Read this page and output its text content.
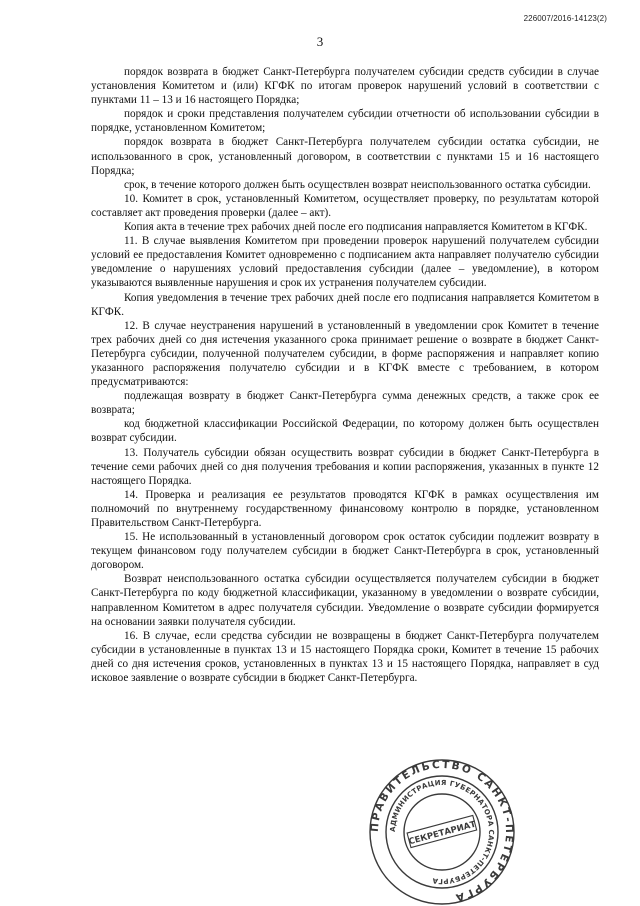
226007/2016-14123(2)
3

порядок возврата в бюджет Санкт-Петербурга получателем субсидии средств субсидии в случае установления Комитетом и (или) КГФК по итогам проверок нарушений условий в соответствии с пунктами 11 – 13 и 16 настоящего Порядка;

порядок и сроки представления получателем субсидии отчетности об использовании субсидии в порядке, установленном Комитетом;

порядок возврата в бюджет Санкт-Петербурга получателем субсидии остатка субсидии, не использованного в срок, установленный договором, в соответствии с пунктами 15 и 16 настоящего Порядка;

срок, в течение которого должен быть осуществлен возврат неиспользованного остатка субсидии.

10. Комитет в срок, установленный Комитетом, осуществляет проверку, по результатам которой составляет акт проведения проверки (далее – акт).

Копия акта в течение трех рабочих дней после его подписания направляется Комитетом в КГФК.

11. В случае выявления Комитетом при проведении проверок нарушений получателем субсидии условий ее предоставления Комитет одновременно с подписанием акта направляет получателю субсидии уведомление о нарушениях условий предоставления субсидии (далее – уведомление), в котором указываются выявленные нарушения и срок их устранения получателем субсидии.

Копия уведомления в течение трех рабочих дней после его подписания направляется Комитетом в КГФК.

12. В случае неустранения нарушений в установленный в уведомлении срок Комитет в течение трех рабочих дней со дня истечения указанного срока принимает решение о возврате в бюджет Санкт-Петербурга субсидии, полученной получателем субсидии, в форме распоряжения и направляет копию указанного распоряжения получателю субсидии и в КГФК вместе с требованием, в котором предусматриваются:

подлежащая возврату в бюджет Санкт-Петербурга сумма денежных средств, а также срок ее возврата;

код бюджетной классификации Российской Федерации, по которому должен быть осуществлен возврат субсидии.

13. Получатель субсидии обязан осуществить возврат субсидии в бюджет Санкт-Петербурга в течение семи рабочих дней со дня получения требования и копии распоряжения, указанных в пункте 12 настоящего Порядка.

14. Проверка и реализация ее результатов проводятся КГФК в рамках осуществления им полномочий по внутреннему государственному финансовому контролю в порядке, установленном Правительством Санкт-Петербурга.

15. Не использованный в установленный договором срок остаток субсидии подлежит возврату в текущем финансовом году получателем субсидии в бюджет Санкт-Петербурга в срок, установленный договором.

Возврат неиспользованного остатка субсидии осуществляется получателем субсидии в бюджет Санкт-Петербурга по коду бюджетной классификации, указанному в уведомлении о возврате субсидии, направленном Комитетом в адрес получателя субсидии. Уведомление о возврате субсидии формируется на основании заявки получателя субсидии.

16. В случае, если средства субсидии не возвращены в бюджет Санкт-Петербурга получателем субсидии в установленные в пунктах 13 и 15 настоящего Порядка сроки, Комитет в течение 15 рабочих дней со дня истечения сроков, установленных в пунктах 13 и 15 настоящего Порядка, направляет в суд исковое заявление о возврате субсидии в бюджет Санкт-Петербурга.

ПРАВИТЕЛЬСТВО САНКТ-ПЕТЕРБУРГА
АДМИНИСТРАЦИЯ ГУБЕРНАТОРА САНКТ-ПЕТЕРБУРГА
СЕКРЕТАРИАТ
